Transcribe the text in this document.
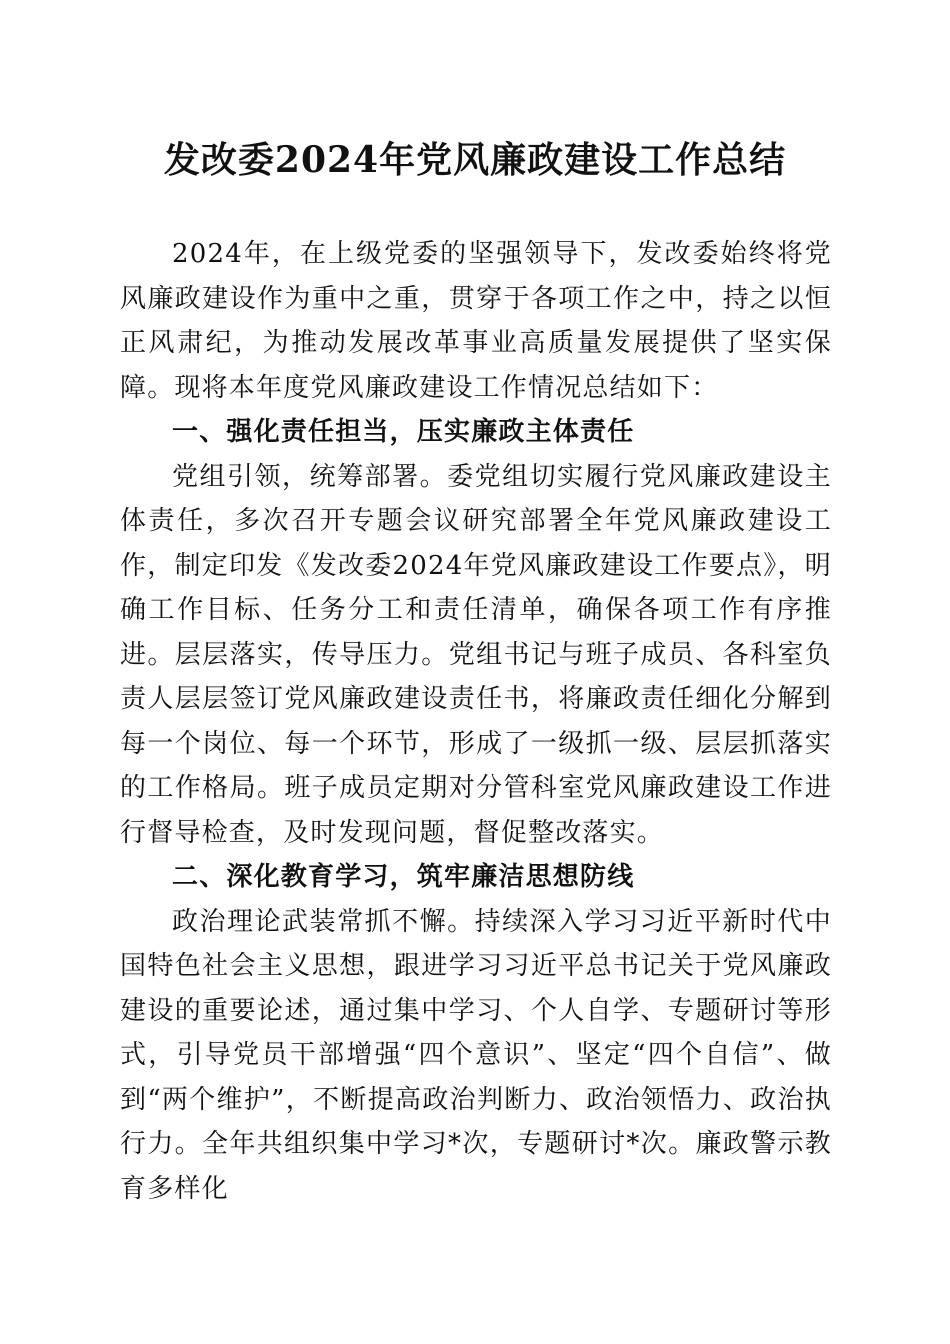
发改委2024年党风廉政建设工作总结

2024年，在上级党委的坚强领导下，发改委始终将党风廉政建设作为重中之重，贯穿于各项工作之中，持之以恒正风肃纪，为推动发展改革事业高质量发展提供了坚实保障。现将本年度党风廉政建设工作情况总结如下：

一、强化责任担当，压实廉政主体责任

党组引领，统筹部署。委党组切实履行党风廉政建设主体责任，多次召开专题会议研究部署全年党风廉政建设工作，制定印发《发改委2024年党风廉政建设工作要点》，明确工作目标、任务分工和责任清单，确保各项工作有序推进。层层落实，传导压力。党组书记与班子成员、各科室负责人层层签订党风廉政建设责任书，将廉政责任细化分解到每一个岗位、每一个环节，形成了一级抓一级、层层抓落实的工作格局。班子成员定期对分管科室党风廉政建设工作进行督导检查，及时发现问题，督促整改落实。

二、深化教育学习，筑牢廉洁思想防线

政治理论武装常抓不懈。持续深入学习习近平新时代中国特色社会主义思想，跟进学习习近平总书记关于党风廉政建设的重要论述，通过集中学习、个人自学、专题研讨等形式，引导党员干部增强“四个意识”、坚定“四个自信”、做到“两个维护”，不断提高政治判断力、政治领悟力、政治执行力。全年共组织集中学习*次，专题研讨*次。廉政警示教育多样化
